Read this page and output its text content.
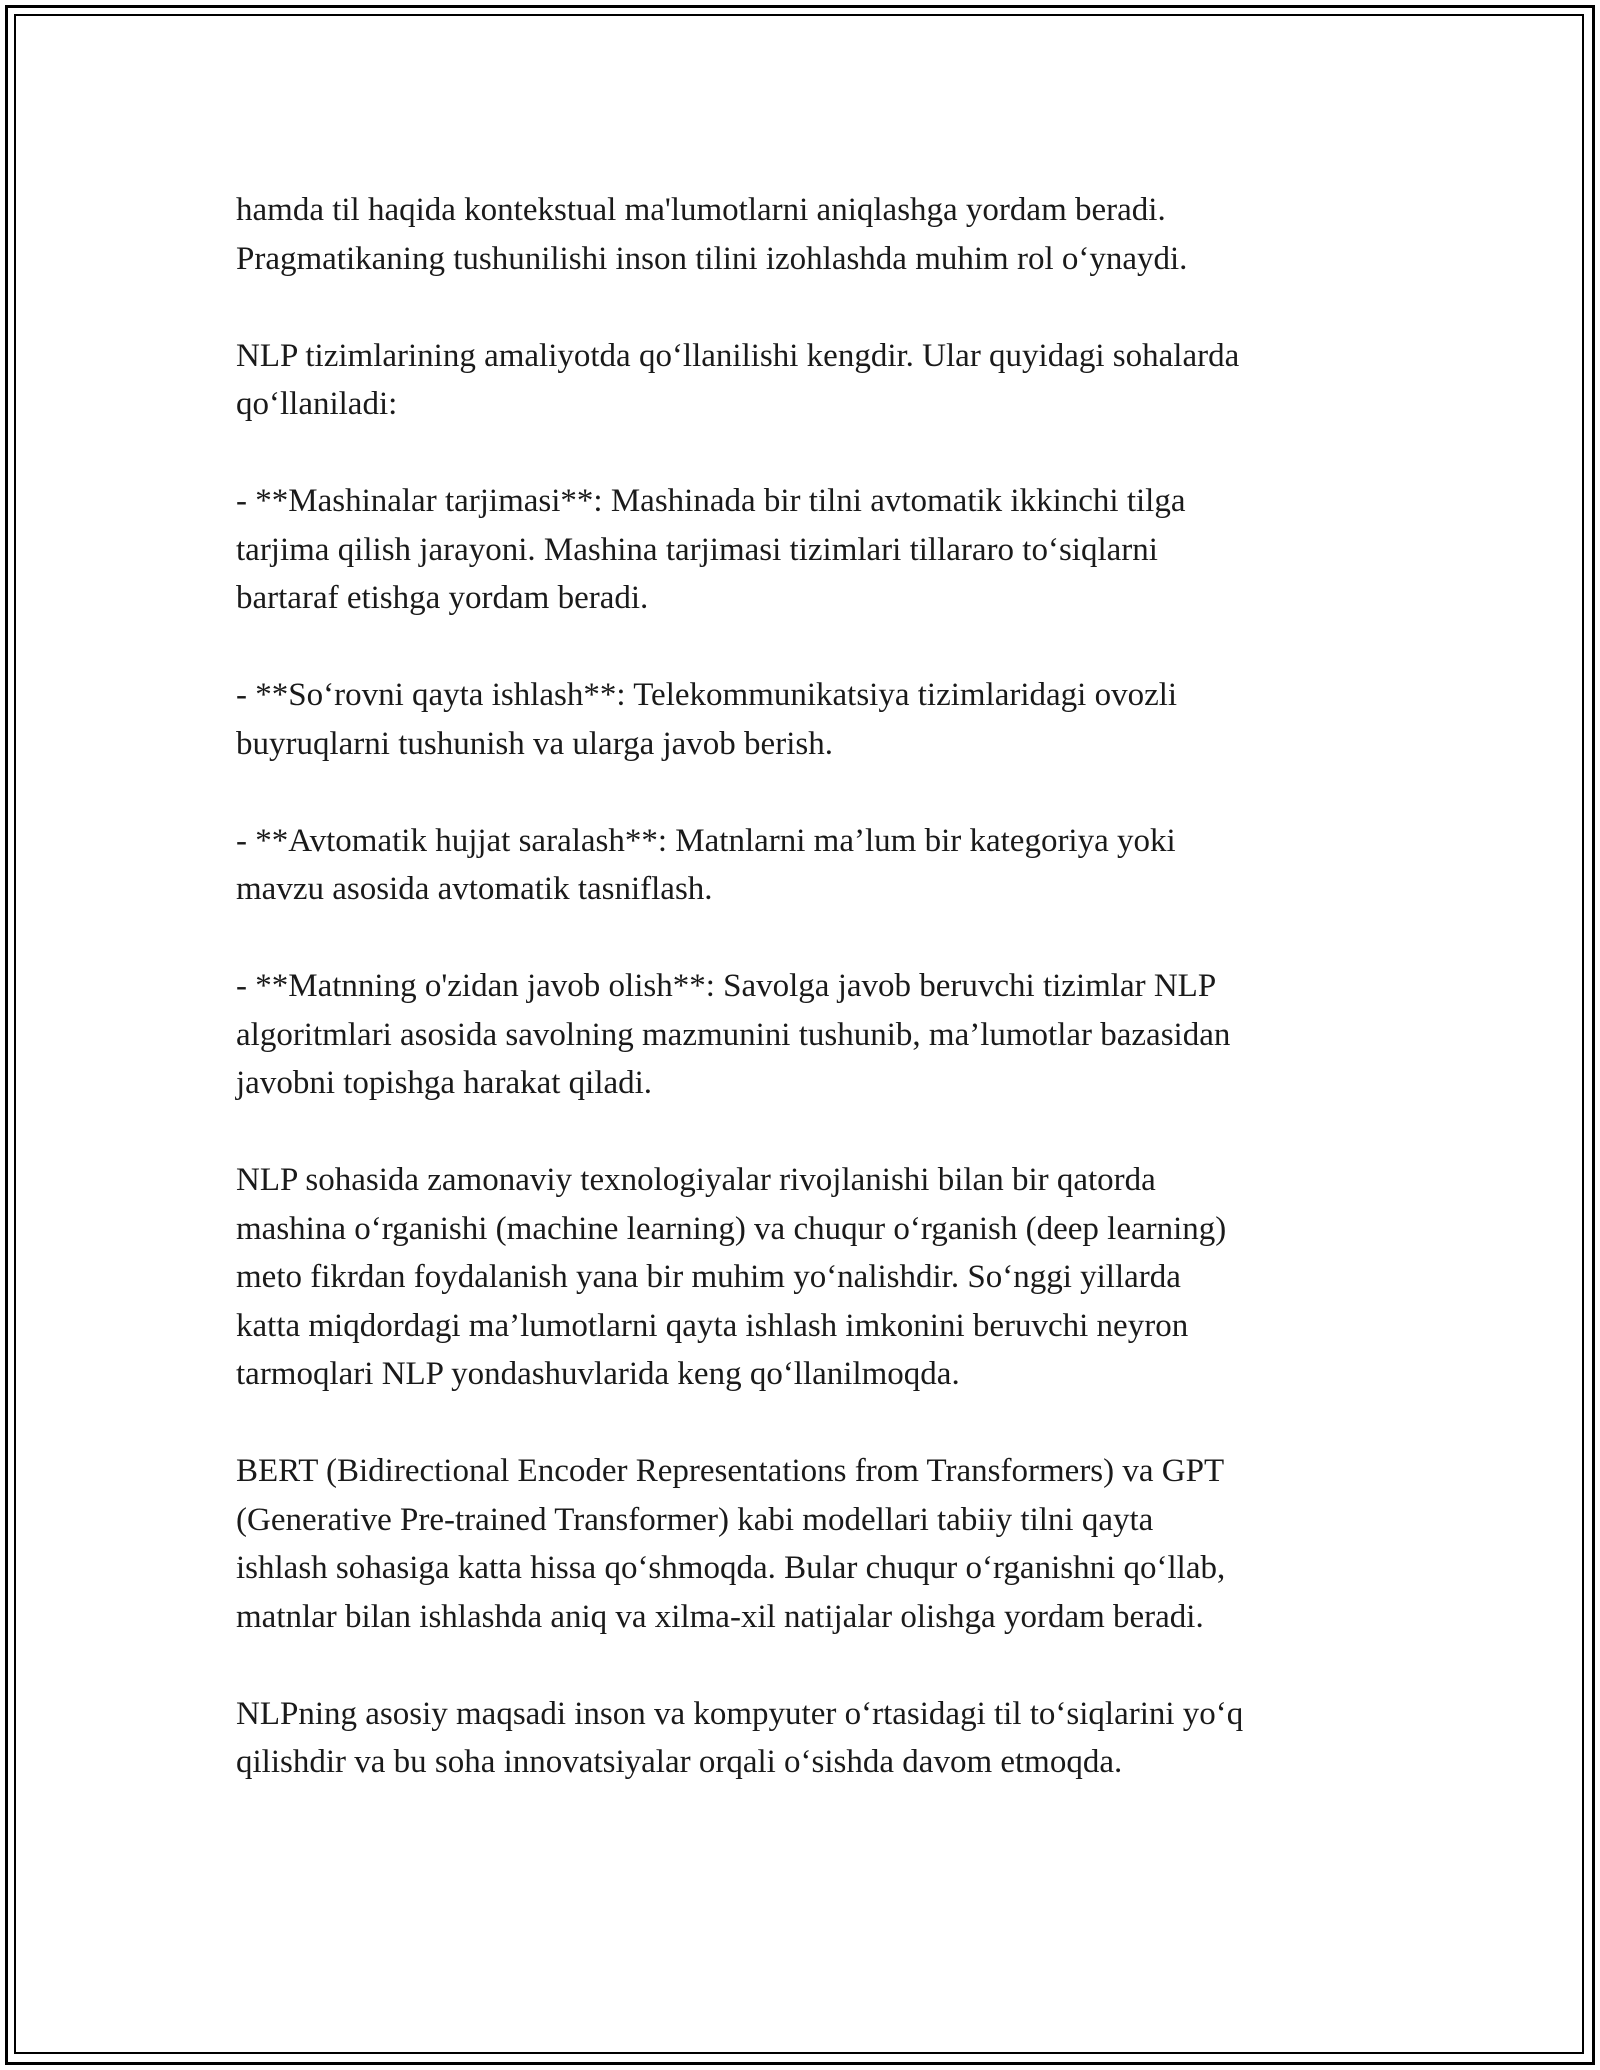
hamda til haqida kontekstual ma'lumotlarni aniqlashga yordam beradi.
Pragmatikaning tushunilishi inson tilini izohlashda muhim rol o‘ynaydi.

NLP tizimlarining amaliyotda qo‘llanilishi kengdir. Ular quyidagi sohalarda
qo‘llaniladi:

- **Mashinalar tarjimasi**: Mashinada bir tilni avtomatik ikkinchi tilga
tarjima qilish jarayoni. Mashina tarjimasi tizimlari tillararo to‘siqlarni
bartaraf etishga yordam beradi.

- **So‘rovni qayta ishlash**: Telekommunikatsiya tizimlaridagi ovozli
buyruqlarni tushunish va ularga javob berish.

- **Avtomatik hujjat saralash**: Matnlarni ma’lum bir kategoriya yoki
mavzu asosida avtomatik tasniflash.

- **Matnning o'zidan javob olish**: Savolga javob beruvchi tizimlar NLP
algoritmlari asosida savolning mazmunini tushunib, ma’lumotlar bazasidan
javobni topishga harakat qiladi.

NLP sohasida zamonaviy texnologiyalar rivojlanishi bilan bir qatorda
mashina o‘rganishi (machine learning) va chuqur o‘rganish (deep learning)
meto fikrdan foydalanish yana bir muhim yo‘nalishdir. So‘nggi yillarda
katta miqdordagi ma’lumotlarni qayta ishlash imkonini beruvchi neyron
tarmoqlari NLP yondashuvlarida keng qo‘llanilmoqda.

BERT (Bidirectional Encoder Representations from Transformers) va GPT
(Generative Pre-trained Transformer) kabi modellari tabiiy tilni qayta
ishlash sohasiga katta hissa qo‘shmoqda. Bular chuqur o‘rganishni qo‘llab,
matnlar bilan ishlashda aniq va xilma-xil natijalar olishga yordam beradi.

NLPning asosiy maqsadi inson va kompyuter o‘rtasidagi til to‘siqlarini yo‘q
qilishdir va bu soha innovatsiyalar orqali o‘sishda davom etmoqda.
